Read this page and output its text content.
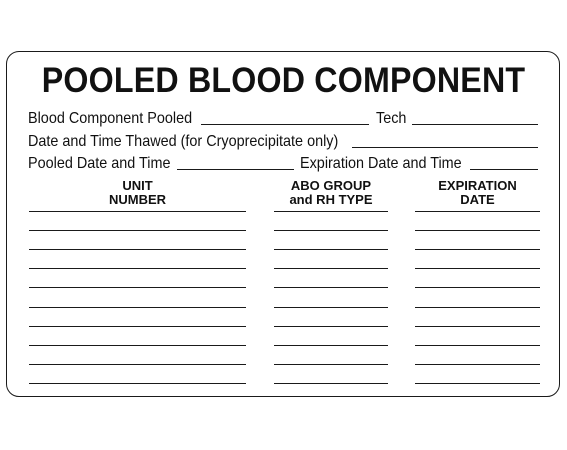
POOLED BLOOD COMPONENT
Blood Component Pooled	Tech
Date and Time Thawed (for Cryoprecipitate only)
Pooled Date and Time	Expiration Date and Time
UNIT
NUMBER
ABO GROUP
and RH TYPE
EXPIRATION
DATE
